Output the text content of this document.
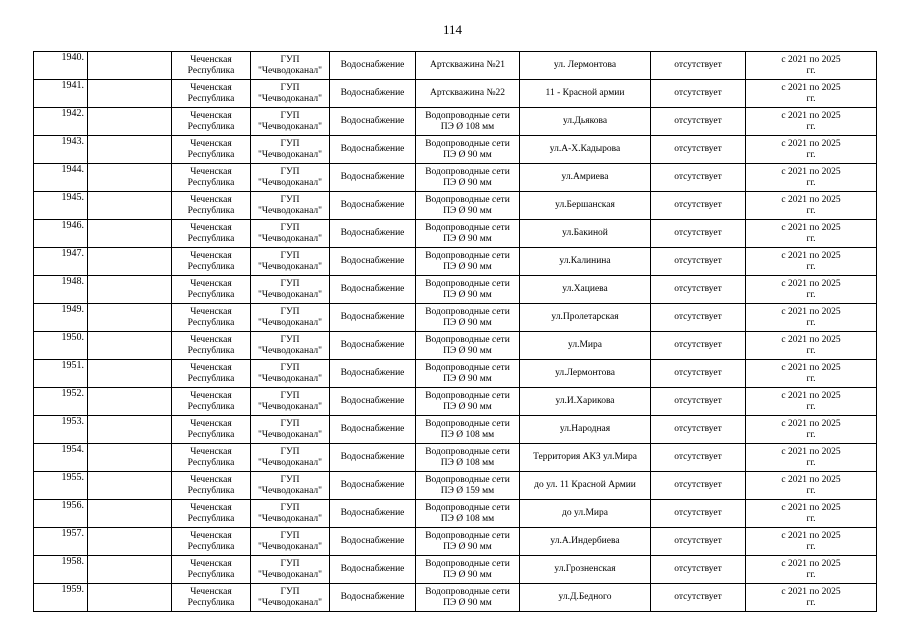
114
1940.		Чеченская
Республика	ГУП
"Чечводоканал"	Водоснабжение	Артскважина №21	ул. Лермонтова	отсутствует	с 2021 по 2025
гг.

1941.		Чеченская
Республика	ГУП
"Чечводоканал"	Водоснабжение	Артскважина №22	11 - Красной армии	отсутствует	с 2021 по 2025
гг.

1942.		Чеченская
Республика	ГУП
"Чечводоканал"	Водоснабжение	Водопроводные сети
ПЭ Ø 108 мм	ул.Дьякова	отсутствует	с 2021 по 2025
гг.

1943.		Чеченская
Республика	ГУП
"Чечводоканал"	Водоснабжение	Водопроводные сети
ПЭ Ø 90 мм	ул.А-Х.Кадырова	отсутствует	с 2021 по 2025
гг.

1944.		Чеченская
Республика	ГУП
"Чечводоканал"	Водоснабжение	Водопроводные сети
ПЭ Ø 90 мм	ул.Амриева	отсутствует	с 2021 по 2025
гг.

1945.		Чеченская
Республика	ГУП
"Чечводоканал"	Водоснабжение	Водопроводные сети
ПЭ Ø 90 мм	ул.Бершанская	отсутствует	с 2021 по 2025
гг.

1946.		Чеченская
Республика	ГУП
"Чечводоканал"	Водоснабжение	Водопроводные сети
ПЭ Ø 90 мм	ул.Бакиной	отсутствует	с 2021 по 2025
гг.

1947.		Чеченская
Республика	ГУП
"Чечводоканал"	Водоснабжение	Водопроводные сети
ПЭ Ø 90 мм	ул.Калинина	отсутствует	с 2021 по 2025
гг.

1948.		Чеченская
Республика	ГУП
"Чечводоканал"	Водоснабжение	Водопроводные сети
ПЭ Ø 90 мм	ул.Хациева	отсутствует	с 2021 по 2025
гг.

1949.		Чеченская
Республика	ГУП
"Чечводоканал"	Водоснабжение	Водопроводные сети
ПЭ Ø 90 мм	ул.Пролетарская	отсутствует	с 2021 по 2025
гг.

1950.		Чеченская
Республика	ГУП
"Чечводоканал"	Водоснабжение	Водопроводные сети
ПЭ Ø 90 мм	ул.Мира	отсутствует	с 2021 по 2025
гг.

1951.		Чеченская
Республика	ГУП
"Чечводоканал"	Водоснабжение	Водопроводные сети
ПЭ Ø 90 мм	ул.Лермонтова	отсутствует	с 2021 по 2025
гг.

1952.		Чеченская
Республика	ГУП
"Чечводоканал"	Водоснабжение	Водопроводные сети
ПЭ Ø 90 мм	ул.И.Харикова	отсутствует	с 2021 по 2025
гг.

1953.		Чеченская
Республика	ГУП
"Чечводоканал"	Водоснабжение	Водопроводные сети
ПЭ Ø 108 мм	ул.Народная	отсутствует	с 2021 по 2025
гг.

1954.		Чеченская
Республика	ГУП
"Чечводоканал"	Водоснабжение	Водопроводные сети
ПЭ Ø 108 мм	Территория АКЗ ул.Мира	отсутствует	с 2021 по 2025
гг.

1955.		Чеченская
Республика	ГУП
"Чечводоканал"	Водоснабжение	Водопроводные сети
ПЭ Ø 159 мм	до ул. 11 Красной Армии	отсутствует	с 2021 по 2025
гг.

1956.		Чеченская
Республика	ГУП
"Чечводоканал"	Водоснабжение	Водопроводные сети
ПЭ Ø 108 мм	до ул.Мира	отсутствует	с 2021 по 2025
гг.

1957.		Чеченская
Республика	ГУП
"Чечводоканал"	Водоснабжение	Водопроводные сети
ПЭ Ø 90 мм	ул.А.Индербиева	отсутствует	с 2021 по 2025
гг.

1958.		Чеченская
Республика	ГУП
"Чечводоканал"	Водоснабжение	Водопроводные сети
ПЭ Ø 90 мм	ул.Грозненская	отсутствует	с 2021 по 2025
гг.

1959.		Чеченская
Республика	ГУП
"Чечводоканал"	Водоснабжение	Водопроводные сети
ПЭ Ø 90 мм	ул.Д.Бедного	отсутствует	с 2021 по 2025
гг.
